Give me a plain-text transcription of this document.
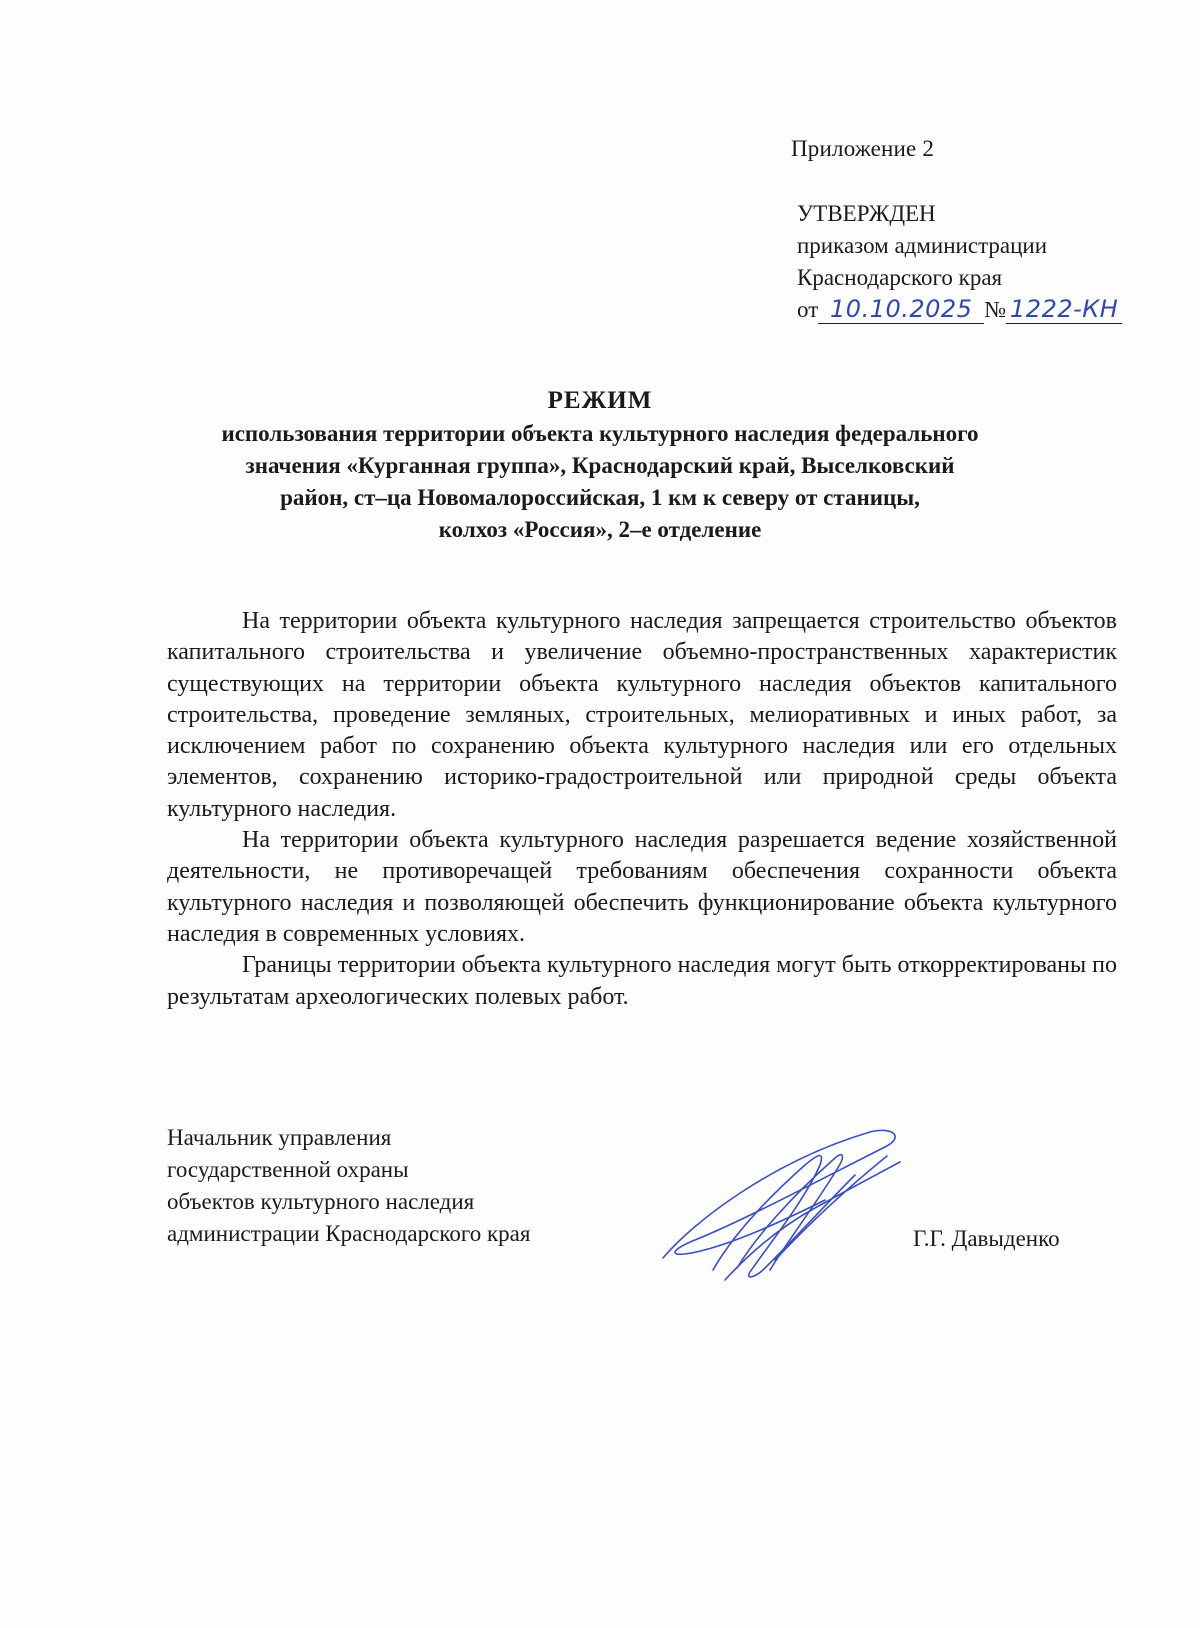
Приложение 2
УТВЕРЖДЕН
приказом администрации
Краснодарского края
от 10.10.2025 № 1222-КН
РЕЖИМ
использования территории объекта культурного наследия федерального
значения «Курганная группа», Краснодарский край, Выселковский
район, ст–ца Новомалороссийская, 1 км к северу от станицы,
колхоз «Россия», 2–е отделение

На территории объекта культурного наследия запрещается строительство объектов капитального строительства и увеличение объемно-пространственных характеристик существующих на территории объекта культурного наследия объектов капитального строительства, проведение земляных, строительных, мелиоративных и иных работ, за исключением работ по сохранению объекта культурного наследия или его отдельных элементов, сохранению историко-градостроительной или природной среды объекта культурного наследия.

На территории объекта культурного наследия разрешается ведение хозяйственной деятельности, не противоречащей требованиям обеспечения сохранности объекта культурного наследия и позволяющей обеспечить функционирование объекта культурного наследия в современных условиях.

Границы территории объекта культурного наследия могут быть откорректированы по результатам археологических полевых работ.

Начальник управления
государственной охраны
объектов культурного наследия
администрации Краснодарского края	Г.Г. Давыденко
